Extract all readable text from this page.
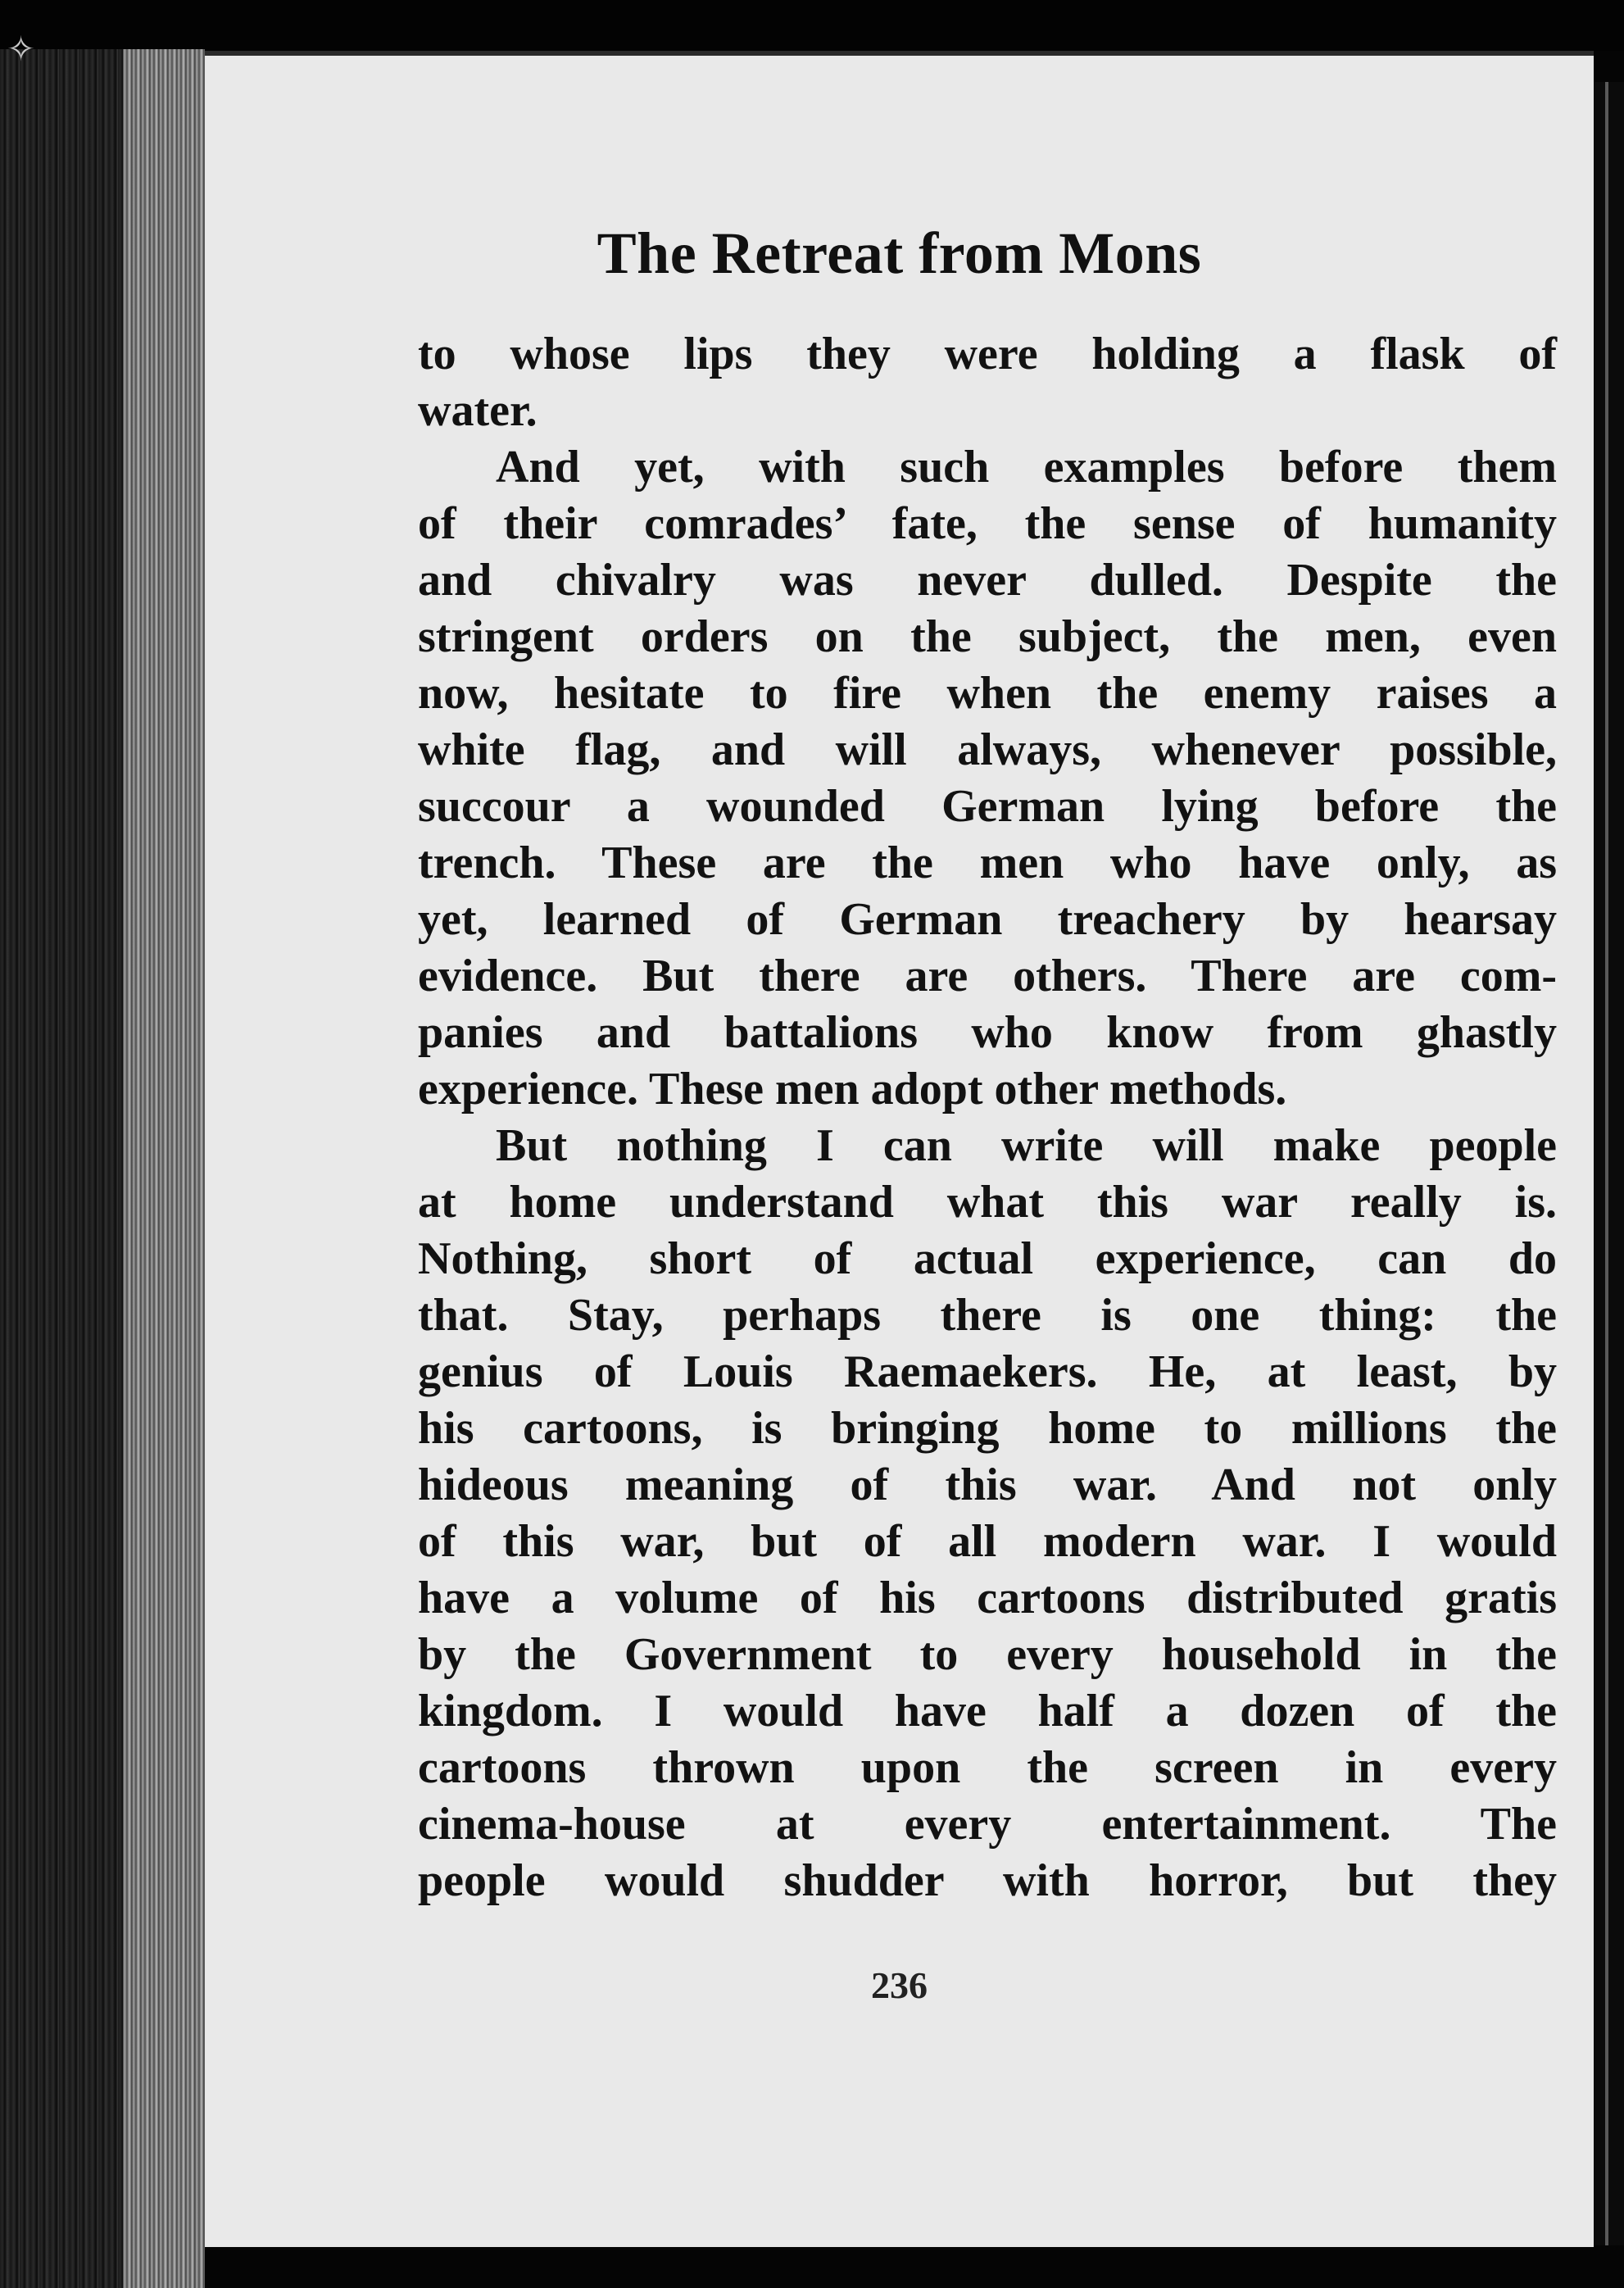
✧
The Retreat from Mons
to whose lips they were holding a flask of
water.
And yet, with such examples before them
of their comrades’ fate, the sense of humanity
and chivalry was never dulled. Despite the
stringent orders on the subject, the men, even
now, hesitate to fire when the enemy raises a
white flag, and will always, whenever possible,
succour a wounded German lying before the
trench. These are the men who have only, as
yet, learned of German treachery by hearsay
evidence. But there are others. There are com-
panies and battalions who know from ghastly
experience. These men adopt other methods.
But nothing I can write will make people
at home understand what this war really is.
Nothing, short of actual experience, can do
that. Stay, perhaps there is one thing: the
genius of Louis Raemaekers. He, at least, by
his cartoons, is bringing home to millions the
hideous meaning of this war. And not only
of this war, but of all modern war. I would
have a volume of his cartoons distributed gratis
by the Government to every household in the
kingdom. I would have half a dozen of the
cartoons thrown upon the screen in every
cinema-house at every entertainment. The
people would shudder with horror, but they
236
